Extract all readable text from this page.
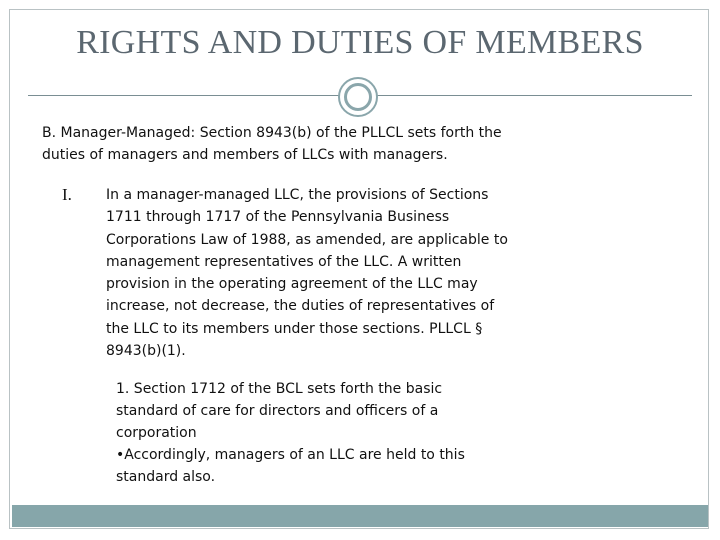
RIGHTS AND DUTIES OF MEMBERS
B. Manager-Managed: Section 8943(b) of the PLLCL sets forth the duties of managers and members of LLCs with managers.
I. In a manager-managed LLC, the provisions of Sections 1711 through 1717 of the Pennsylvania Business Corporations Law of 1988, as amended, are applicable to management representatives of the LLC. A written provision in the operating agreement of the LLC may increase, not decrease, the duties of representatives of the LLC to its members under those sections. PLLCL § 8943(b)(1).
1. Section 1712 of the BCL sets forth the basic standard of care for directors and officers of a corporation
•Accordingly, managers of an LLC are held to this standard also.
